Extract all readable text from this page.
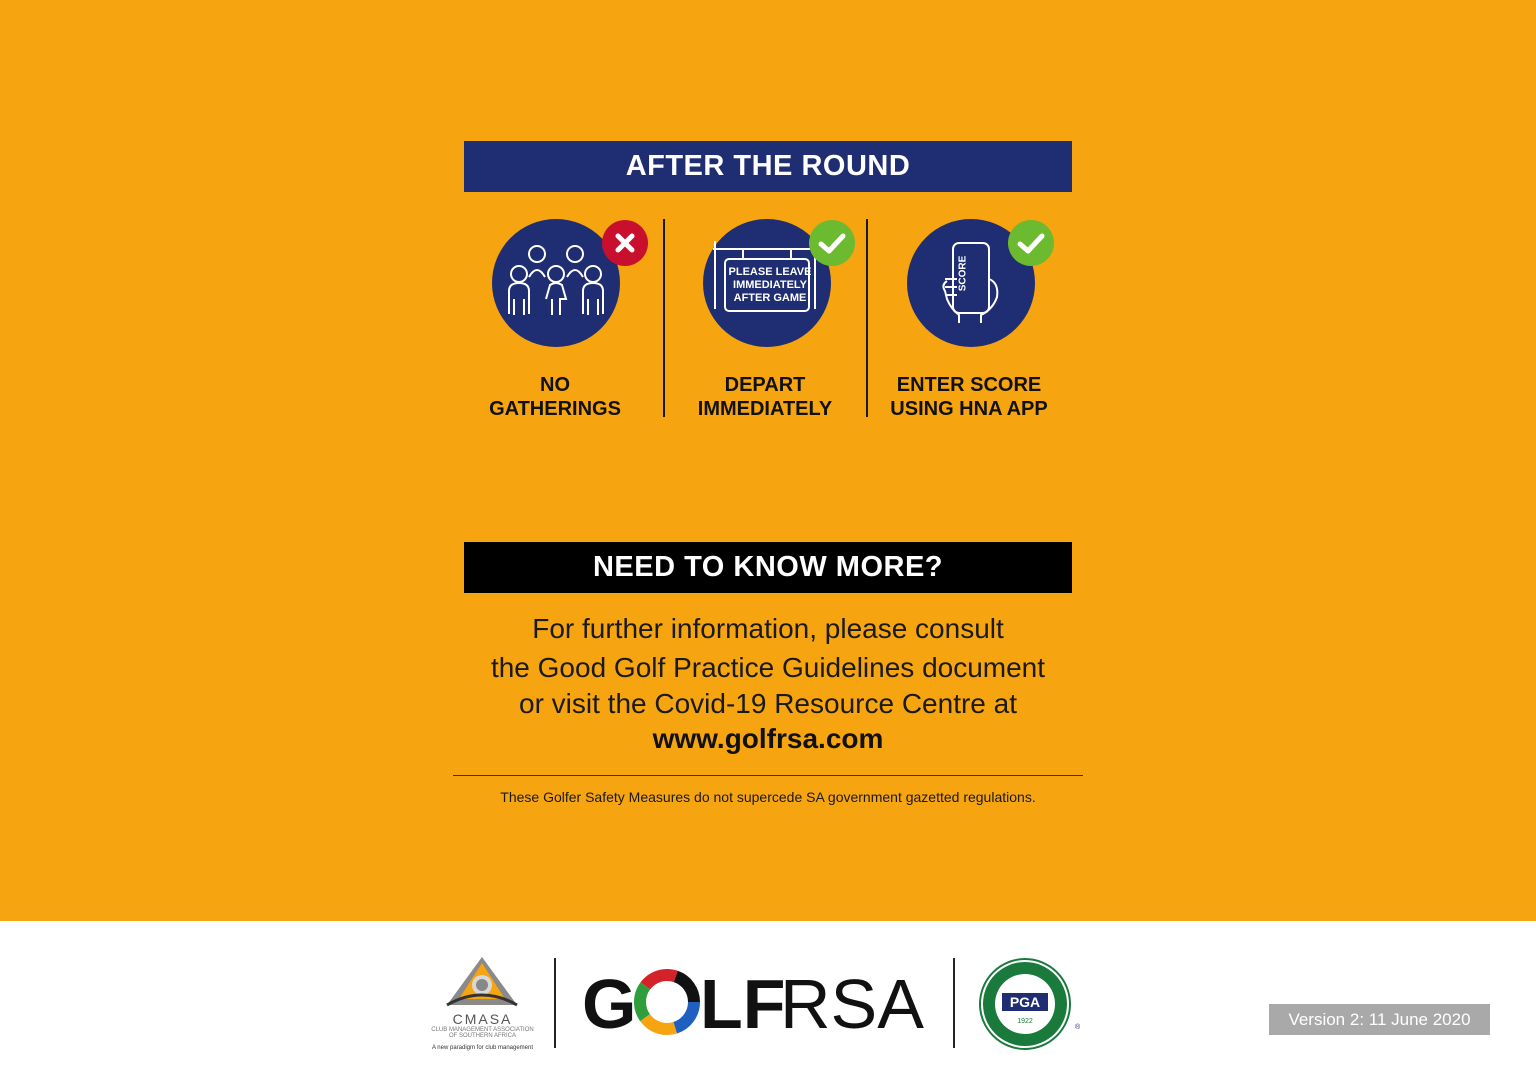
AFTER THE ROUND
NO
GATHERINGS
PLEASE LEAVE
IMMEDIATELY
AFTER GAME
DEPART
IMMEDIATELY
SCORE
ENTER SCORE
USING HNA APP
NEED TO KNOW MORE?
For further information, please consult
the Good Golf Practice Guidelines document
or visit the Covid-19 Resource Centre at
www.golfrsa.com
These Golfer Safety Measures do not supercede SA government gazetted regulations.
CMASA
CLUB MANAGEMENT ASSOCIATION OF SOUTHERN AFRICA
A new paradigm for club management
G LF
RSA	PGA
1922
®	Version 2: 11 June 2020
